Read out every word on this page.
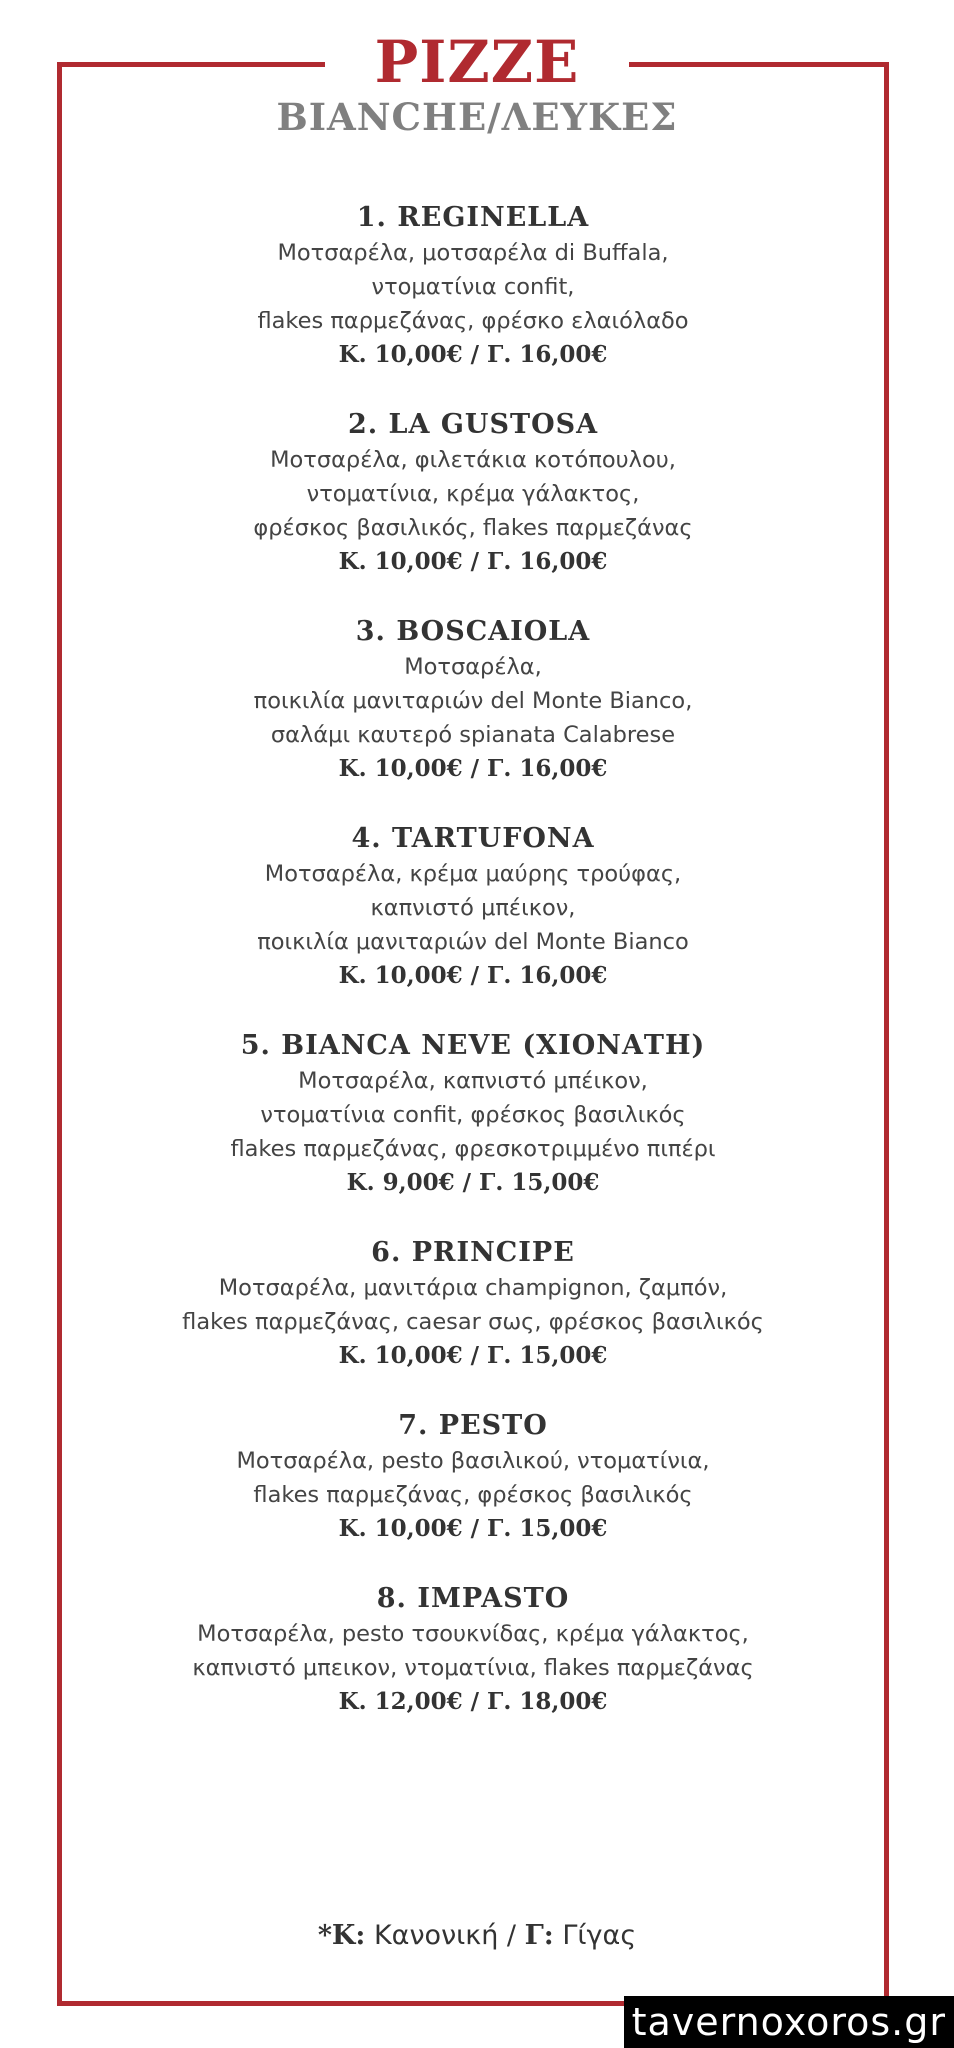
PIZZE
BIANCHE/ΛΕΥΚΕΣ
1. REGINELLA
Μοτσαρέλα, μοτσαρέλα di Buffala,
ντοματίνια confit,
flakes παρμεζάνας, φρέσκο ελαιόλαδο
Κ. 10,00€ / Γ. 16,00€
2. LA GUSTOSA
Μοτσαρέλα, φιλετάκια κοτόπουλου,
ντοματίνια, κρέμα γάλακτος,
φρέσκος βασιλικός, flakes παρμεζάνας
Κ. 10,00€ / Γ. 16,00€
3. BOSCAIOLA
Μοτσαρέλα,
ποικιλία μανιταριών del Monte Bianco,
σαλάμι καυτερό spianata Calabrese
Κ. 10,00€ / Γ. 16,00€
4. TARTUFONA
Μοτσαρέλα, κρέμα μαύρης τρούφας,
καπνιστό μπέικον,
ποικιλία μανιταριών del Monte Bianco
Κ. 10,00€ / Γ. 16,00€
5. BIANCA NEVE (ΧΙΟΝΑΤΗ)
Μοτσαρέλα, καπνιστό μπέικον,
ντοματίνια confit, φρέσκος βασιλικός
flakes παρμεζάνας, φρεσκοτριμμένο πιπέρι
Κ. 9,00€ / Γ. 15,00€
6. PRINCIPE
Μοτσαρέλα, μανιτάρια champignon, ζαμπόν,
flakes παρμεζάνας, caesar σως, φρέσκος βασιλικός
Κ. 10,00€ / Γ. 15,00€
7. PESTO
Μοτσαρέλα, pesto βασιλικού, ντοματίνια,
flakes παρμεζάνας, φρέσκος βασιλικός
Κ. 10,00€ / Γ. 15,00€
8. IMPASTO
Μοτσαρέλα, pesto τσουκνίδας, κρέμα γάλακτος,
καπνιστό μπεικον, ντοματίνια, flakes παρμεζάνας
Κ. 12,00€ / Γ. 18,00€
*Κ: Κανονική / Γ: Γίγας
tavernoxoros.gr
